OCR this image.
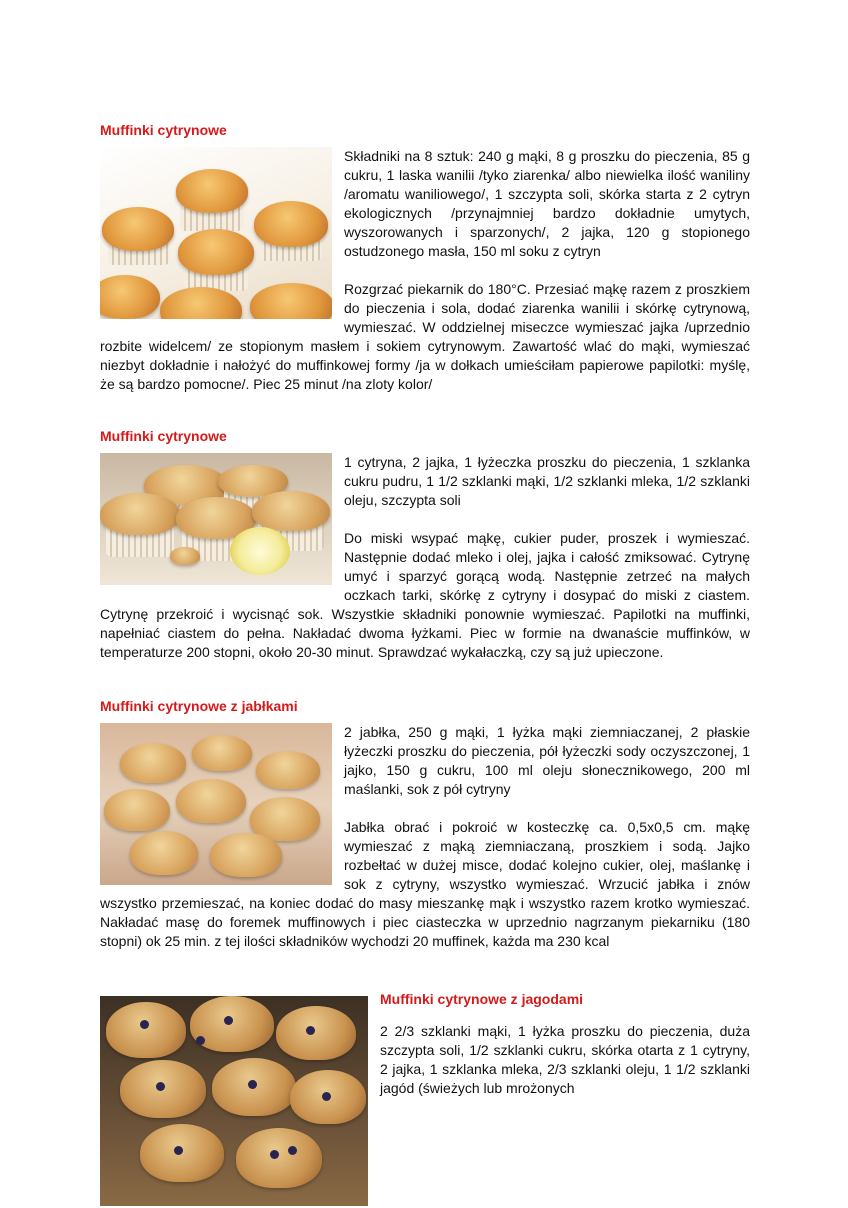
Muffinki cytrynowe

Składniki na 8 sztuk: 240 g mąki, 8 g proszku do pieczenia, 85 g cukru, 1 laska wanilii /tyko ziarenka/ albo niewielka ilość waniliny /aromatu waniliowego/, 1 szczypta soli, skórka starta z 2 cytryn ekologicznych /przynajmniej bardzo dokładnie umytych, wyszorowanych i sparzonych/, 2 jajka, 120 g stopionego ostudzonego masła, 150 ml soku z cytryn

Rozgrzać piekarnik do 180°C. Przesiać mąkę razem z proszkiem do pieczenia i sola, dodać ziarenka wanilii i skórkę cytrynową, wymieszać. W oddzielnej miseczce wymieszać jajka /uprzednio rozbite widelcem/ ze stopionym masłem i sokiem cytrynowym. Zawartość wlać do mąki, wymieszać niezbyt dokładnie i nałożyć do muffinkowej formy /ja w dołkach umieściłam papierowe papilotki: myślę, że są bardzo pomocne/. Piec 25 minut /na zloty kolor/

Muffinki cytrynowe

1 cytryna, 2 jajka, 1 łyżeczka proszku do pieczenia, 1 szklanka cukru pudru, 1 1/2 szklanki mąki, 1/2 szklanki mleka, 1/2 szklanki oleju, szczypta soli

Do miski wsypać mąkę, cukier puder, proszek i wymieszać. Następnie dodać mleko i olej, jajka i całość zmiksować. Cytrynę umyć i sparzyć gorącą wodą. Następnie zetrzeć na małych oczkach tarki, skórkę z cytryny i dosypać do miski z ciastem. Cytrynę przekroić i wycisnąć sok. Wszystkie składniki ponownie wymieszać. Papilotki na muffinki, napełniać ciastem do pełna. Nakładać dwoma łyżkami. Piec w formie na dwanaście muffinków, w temperaturze 200 stopni, około 20-30 minut. Sprawdzać wykałaczką, czy są już upieczone.

Muffinki cytrynowe z jabłkami

2 jabłka, 250 g mąki, 1 łyżka mąki ziemniaczanej, 2 płaskie łyżeczki proszku do pieczenia, pół łyżeczki sody oczyszczonej, 1 jajko, 150 g cukru, 100 ml oleju słonecznikowego, 200 ml maślanki, sok z pół cytryny

Jabłka obrać i pokroić w kosteczkę ca. 0,5x0,5 cm. mąkę wymieszać z mąką ziemniaczaną, proszkiem i sodą. Jajko rozbełtać w dużej misce, dodać kolejno cukier, olej, maślankę i sok z cytryny, wszystko wymieszać. Wrzucić jabłka i znów wszystko przemieszać, na koniec dodać do masy mieszankę mąk i wszystko razem krotko wymieszać. Nakładać masę do foremek muffinowych i piec ciasteczka w uprzednio nagrzanym piekarniku (180 stopni) ok 25 min. z tej ilości składników wychodzi 20 muffinek, każda ma 230 kcal

Muffinki cytrynowe z jagodami

2 2/3 szklanki mąki, 1 łyżka proszku do pieczenia, duża szczypta soli, 1/2 szklanki cukru, skórka otarta z 1 cytryny, 2 jajka, 1 szklanka mleka, 2/3 szklanki oleju, 1 1/2 szklanki jagód (świeżych lub mrożonych
